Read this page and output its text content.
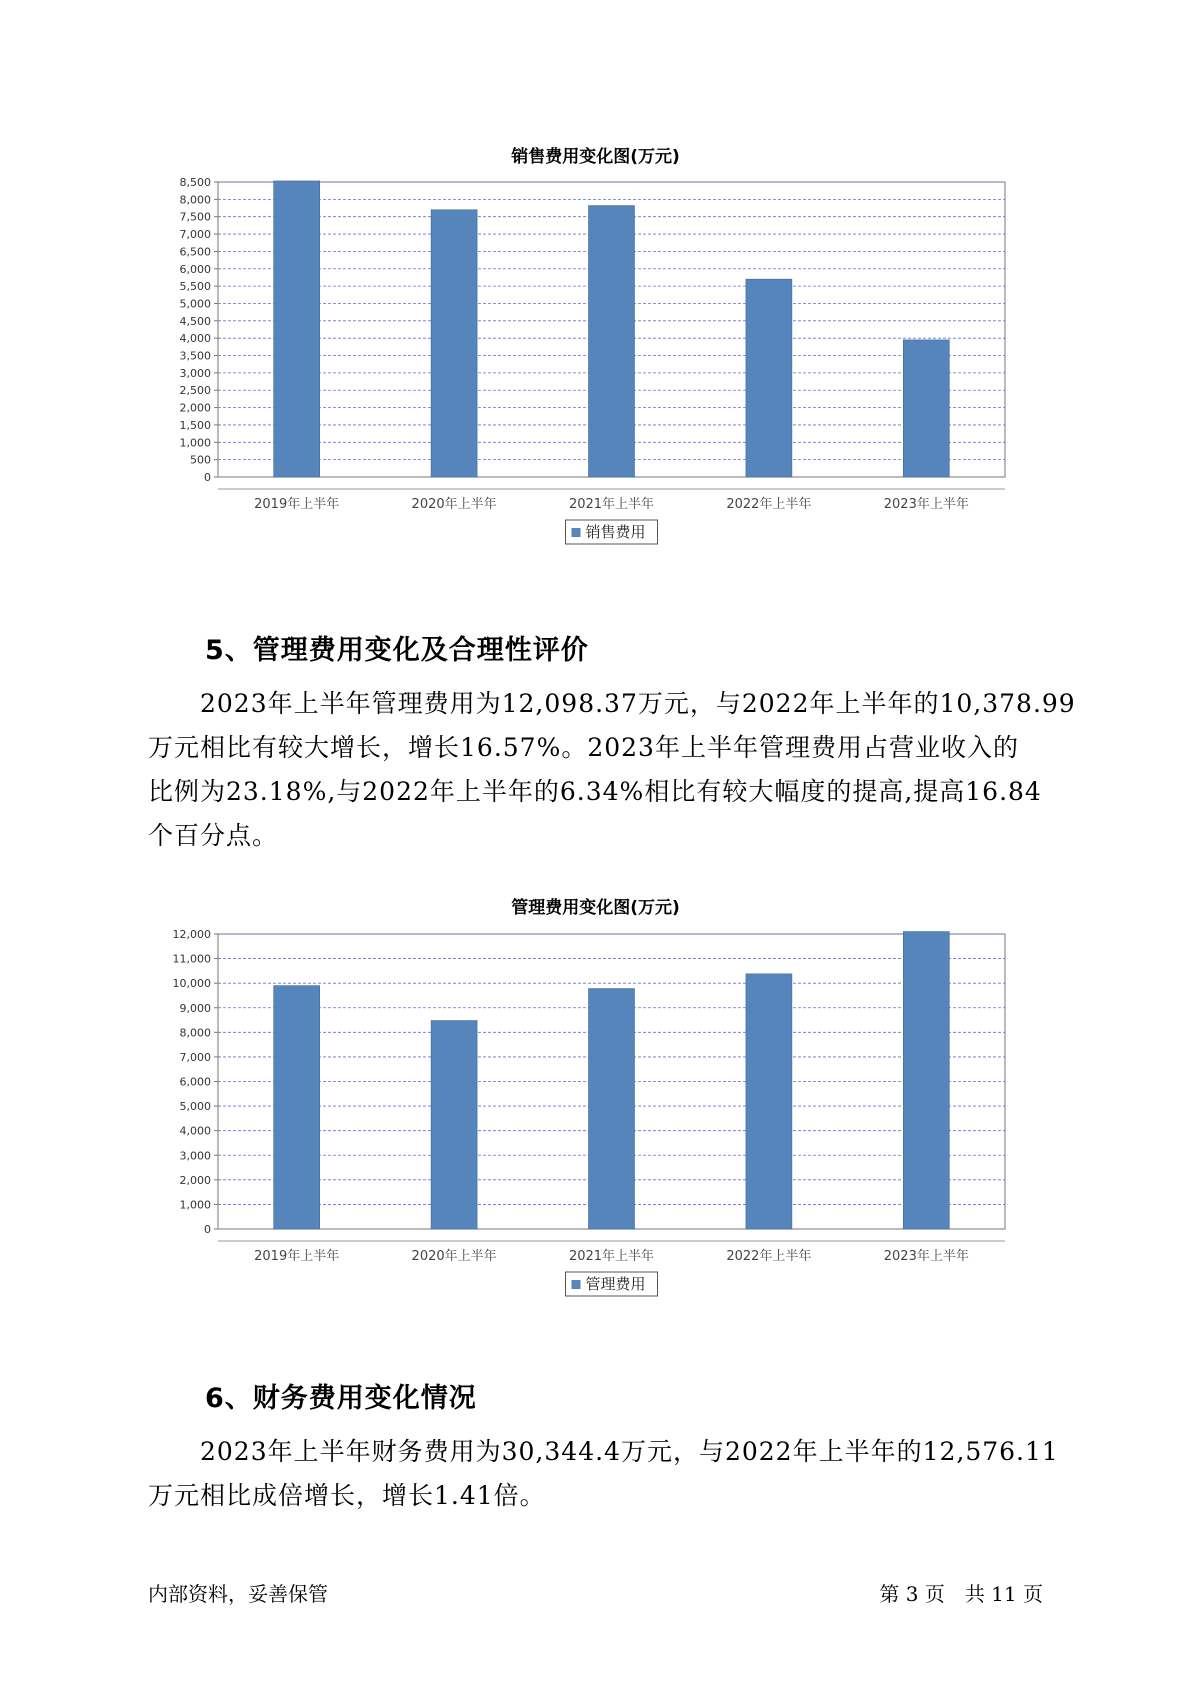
销售费用变化图(万元)
0
500
1,000
1,500
2,000
2,500
3,000
3,500
4,000
4,500
5,000
5,500
6,000
6,500
7,000
7,500
8,000
8,500
2019年上半年	2020年上半年	2021年上半年	2022年上半年	2023年上半年
销售费用
5、管理费用变化及合理性评价

　　2023年上半年管理费用为12,098.37万元，与2022年上半年的10,378.99

万元相比有较大增长，增长16.57%。2023年上半年管理费用占营业收入的

比例为23.18%,与2022年上半年的6.34%相比有较大幅度的提高,提高16.84

个百分点。

管理费用变化图(万元)
0
1,000
2,000
3,000
4,000
5,000
6,000
7,000
8,000
9,000
10,000
11,000
12,000
2019年上半年	2020年上半年	2021年上半年	2022年上半年	2023年上半年
管理费用
6、财务费用变化情况

　　2023年上半年财务费用为30,344.4万元，与2022年上半年的12,576.11

万元相比成倍增长，增长1.41倍。

内部资料，妥善保管	第 3 页　共 11 页
